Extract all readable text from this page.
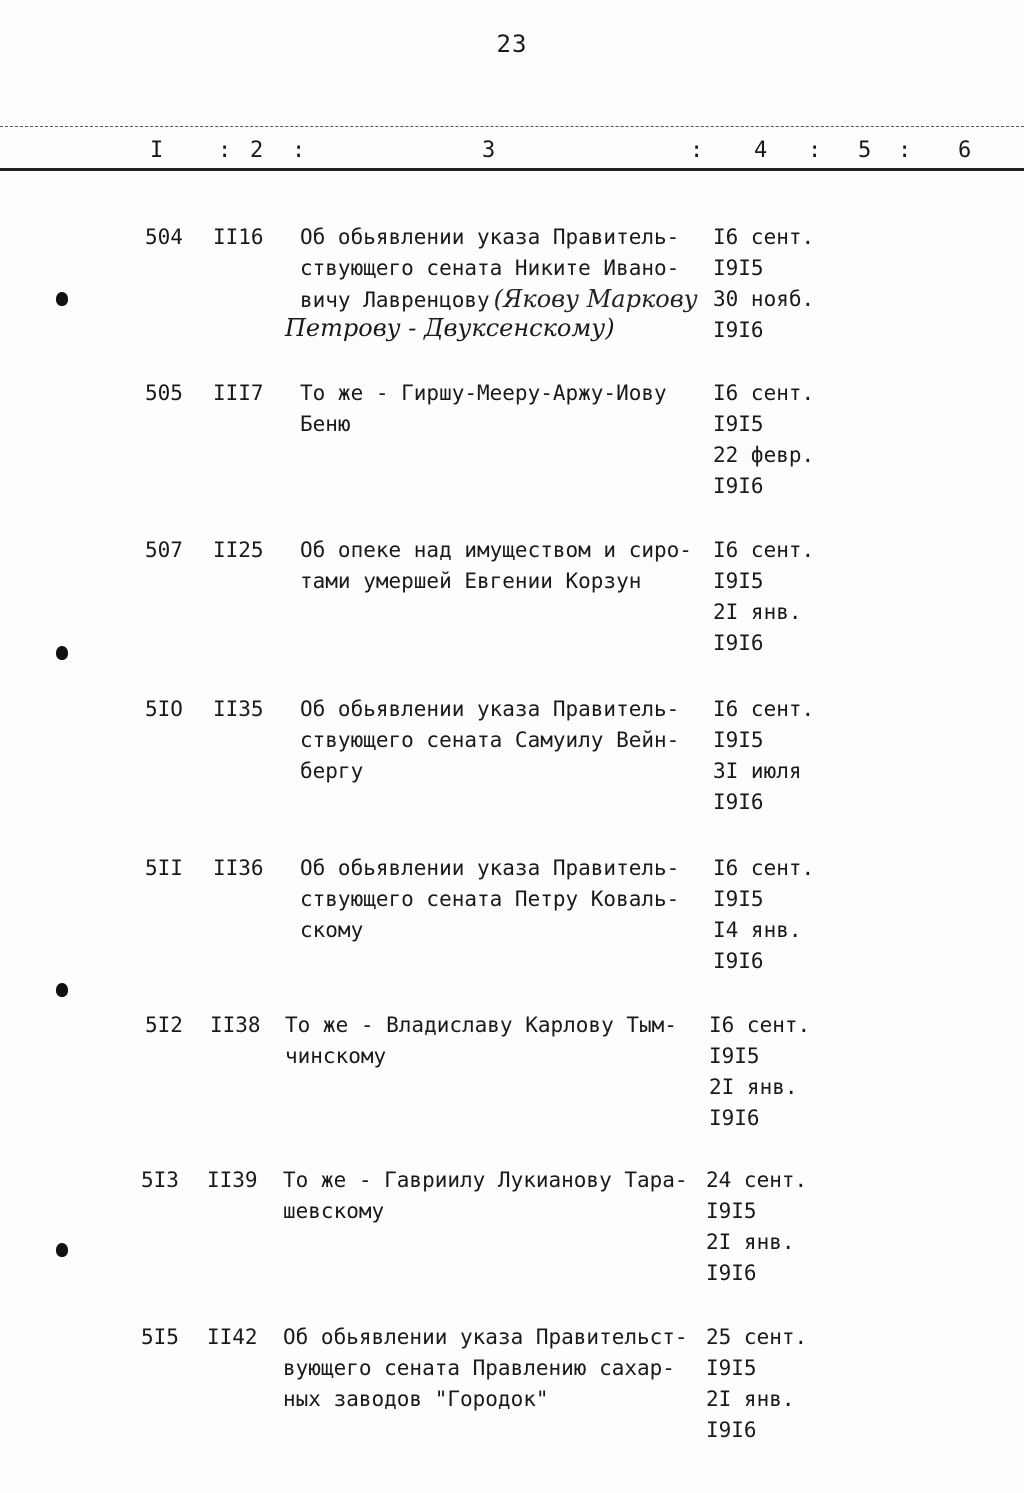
23
I : 2 :	3	: 4 : 5 : 6
504 II16 Об обьявлении указа Правитель-
ствующего сената Никите Ивано-
вичу Лавренцову (Якову Маркову
I6 сент.
I9I5
30 нояб.
I9I6
Петрову - Двуксенскому)
505 III7 То же - Гиршу-Меерy-Аржу-Иову
Беню
I6 сент.
I9I5
22 февр.
I9I6
507 II25 Об опеке над имуществом и сиро-
тами умершей Евгении Корзун
I6 сент.
I9I5
2I янв.
I9I6
5IO II35 Об обьявлении указа Правитель-
ствующего сената Самуилу Вейн-
бергу
I6 сент.
I9I5
3I июля
I9I6
5II II36 Об обьявлении указа Правитель-
ствующего сената Петру Коваль-
скому
I6 сент.
I9I5
I4 янв.
I9I6
5I2 II38 То же - Владиславу Карлову Тым-
чинскому
I6 сент.
I9I5
2I янв.
I9I6
5I3 II39 То же - Гавриилу Лукианову Тара-
шевскому
24 сент.
I9I5
2I янв.
I9I6
5I5 II42 Об обьявлении указа Правительст-
вующего сената Правлению сахар-
ных заводов "Городок"
25 сент.
I9I5
2I янв.
I9I6
